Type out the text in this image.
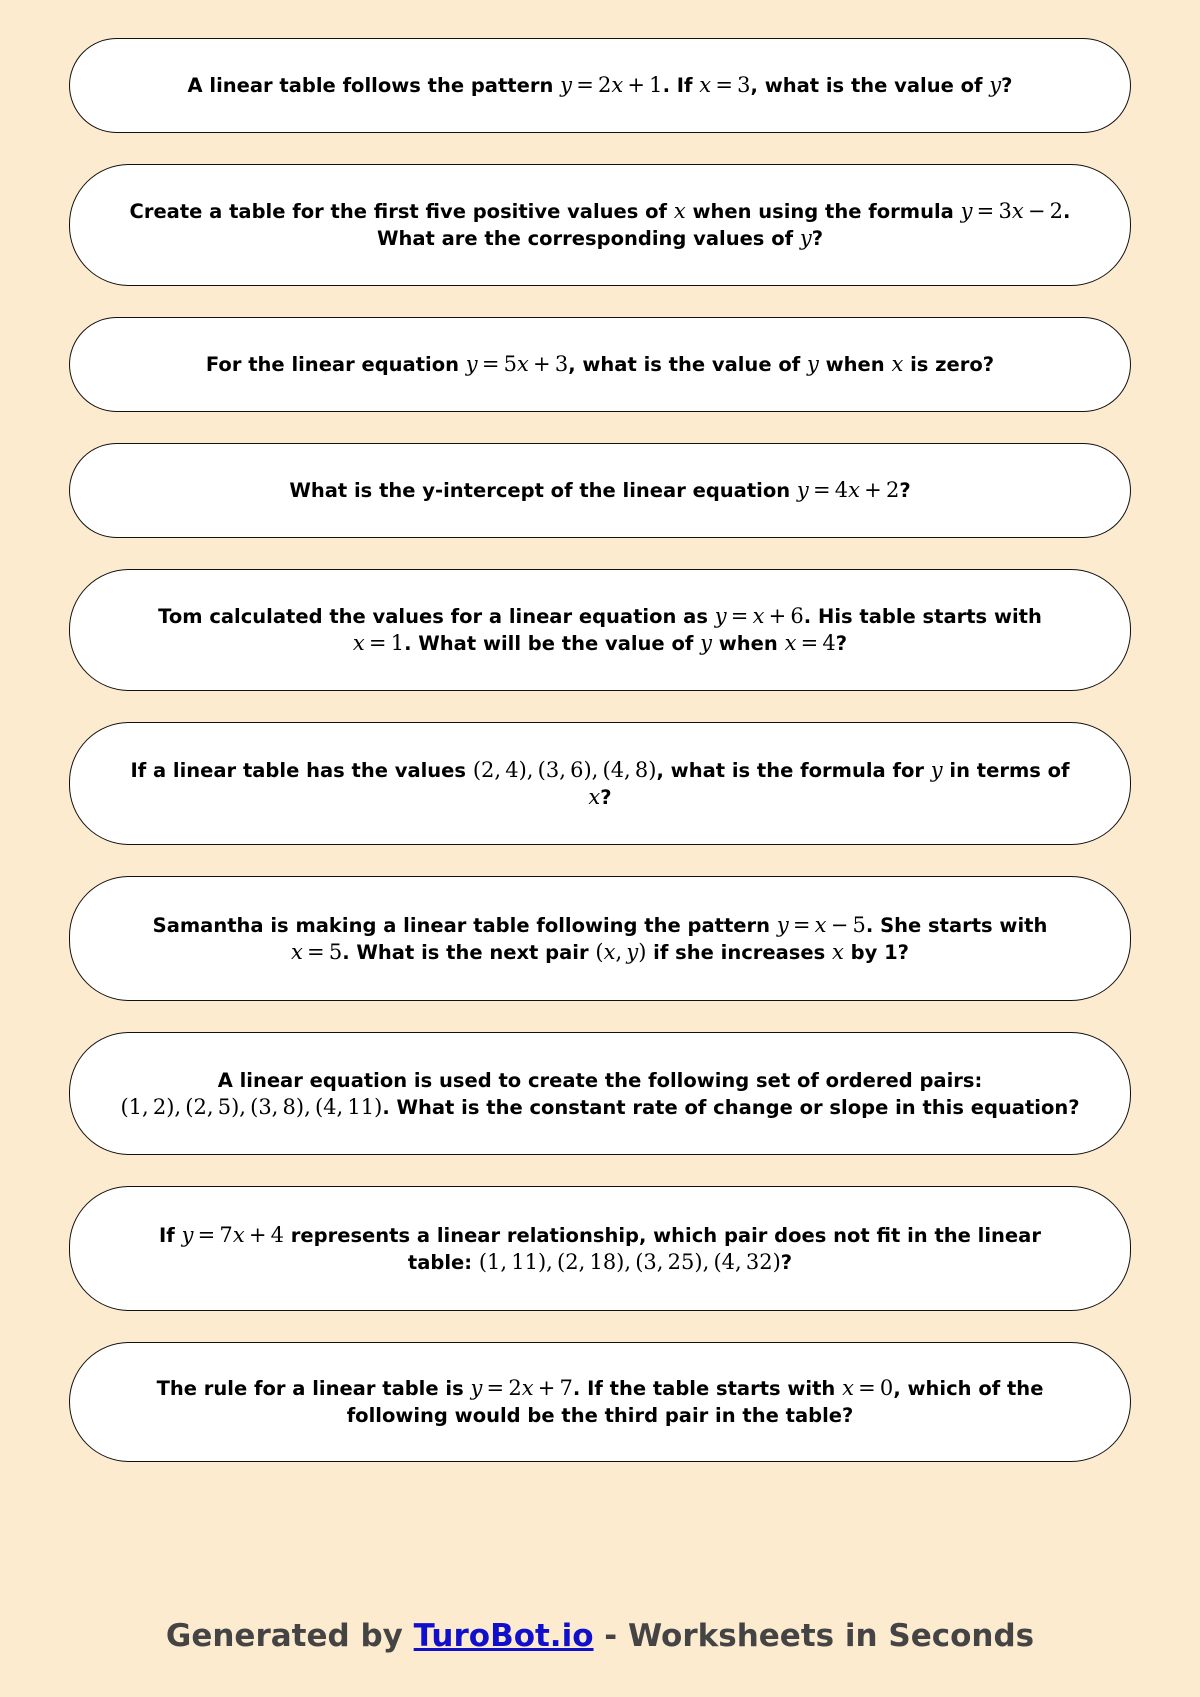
A linear table follows the pattern y = 2x + 1. If x = 3, what is the value of y?
Create a table for the first five positive values of x when using the formula y = 3x − 2.
What are the corresponding values of y?
For the linear equation y = 5x + 3, what is the value of y when x is zero?
What is the y-intercept of the linear equation y = 4x + 2?
Tom calculated the values for a linear equation as y = x + 6. His table starts with
x = 1. What will be the value of y when x = 4?
If a linear table has the values (2, 4), (3, 6), (4, 8), what is the formula for y in terms of
x?
Samantha is making a linear table following the pattern y = x − 5. She starts with
x = 5. What is the next pair (x, y) if she increases x by 1?
A linear equation is used to create the following set of ordered pairs:
(1, 2), (2, 5), (3, 8), (4, 11). What is the constant rate of change or slope in this equation?
If y = 7x + 4 represents a linear relationship, which pair does not fit in the linear
table: (1, 11), (2, 18), (3, 25), (4, 32)?
The rule for a linear table is y = 2x + 7. If the table starts with x = 0, which of the
following would be the third pair in the table?
Generated by TuroBot.io - Worksheets in Seconds
